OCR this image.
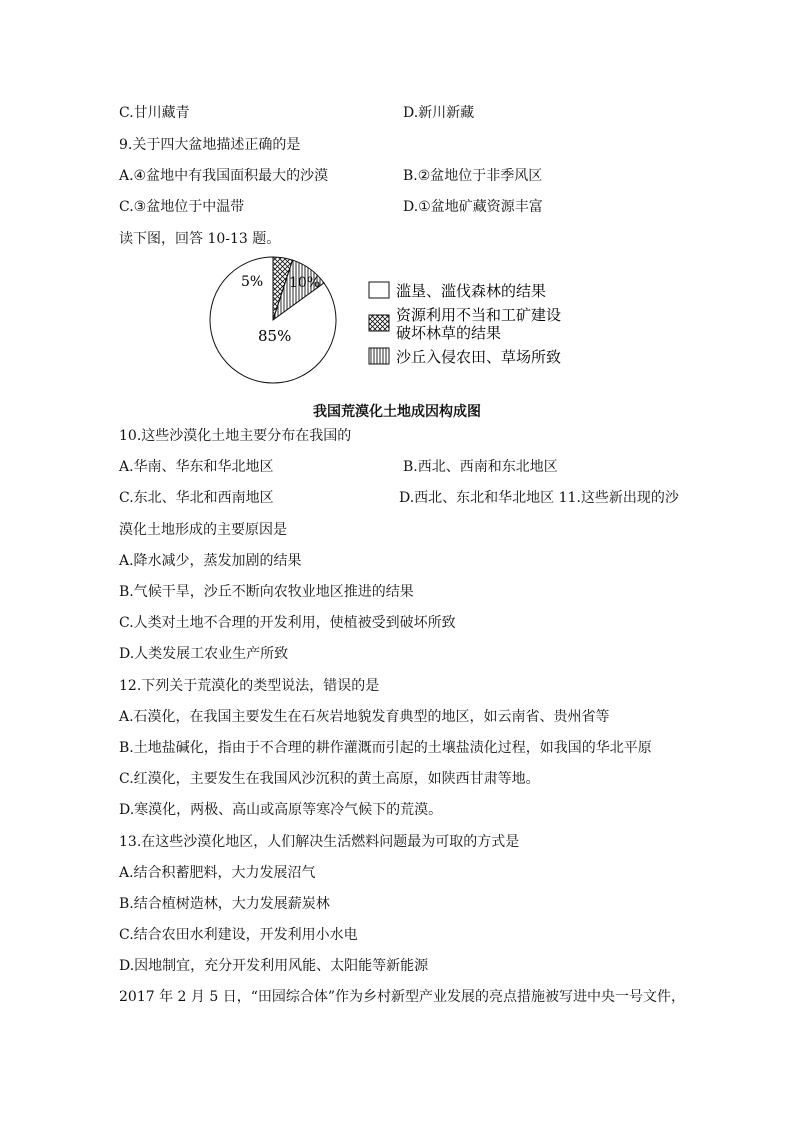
C.甘川藏青	D.新川新藏
9.关于四大盆地描述正确的是
A.④盆地中有我国面积最大的沙漠	B.②盆地位于非季风区
C.③盆地位于中温带	D.①盆地矿藏资源丰富
读下图，回答 10-13 题。
85%
5% 10%	滥垦、滥伐森林的结果
资源利用不当和工矿建设
破坏林草的结果
沙丘入侵农田、草场所致
我国荒漠化土地成因构成图
10.这些沙漠化土地主要分布在我国的
A.华南、华东和华北地区	B.西北、西南和东北地区
C.东北、华北和西南地区	D.西北、东北和华北地区 11.这些新出现的沙
漠化土地形成的主要原因是
A.降水减少，蒸发加剧的结果
B.气候干旱，沙丘不断向农牧业地区推进的结果
C.人类对土地不合理的开发利用，使植被受到破坏所致
D.人类发展工农业生产所致
12.下列关于荒漠化的类型说法，错误的是
A.石漠化，在我国主要发生在石灰岩地貌发育典型的地区，如云南省、贵州省等
B.土地盐碱化，指由于不合理的耕作灌溉而引起的土壤盐渍化过程，如我国的华北平原
C.红漠化，主要发生在我国风沙沉积的黄土高原，如陕西甘肃等地。
D.寒漠化，两极、高山或高原等寒冷气候下的荒漠。
13.在这些沙漠化地区，人们解决生活燃料问题最为可取的方式是
A.结合积蓄肥料，大力发展沼气
B.结合植树造林，大力发展薪炭林
C.结合农田水利建设，开发利用小水电
D.因地制宜，充分开发利用风能、太阳能等新能源
2017 年 2 月 5 日，“田园综合体”作为乡村新型产业发展的亮点措施被写进中央一号文件，
